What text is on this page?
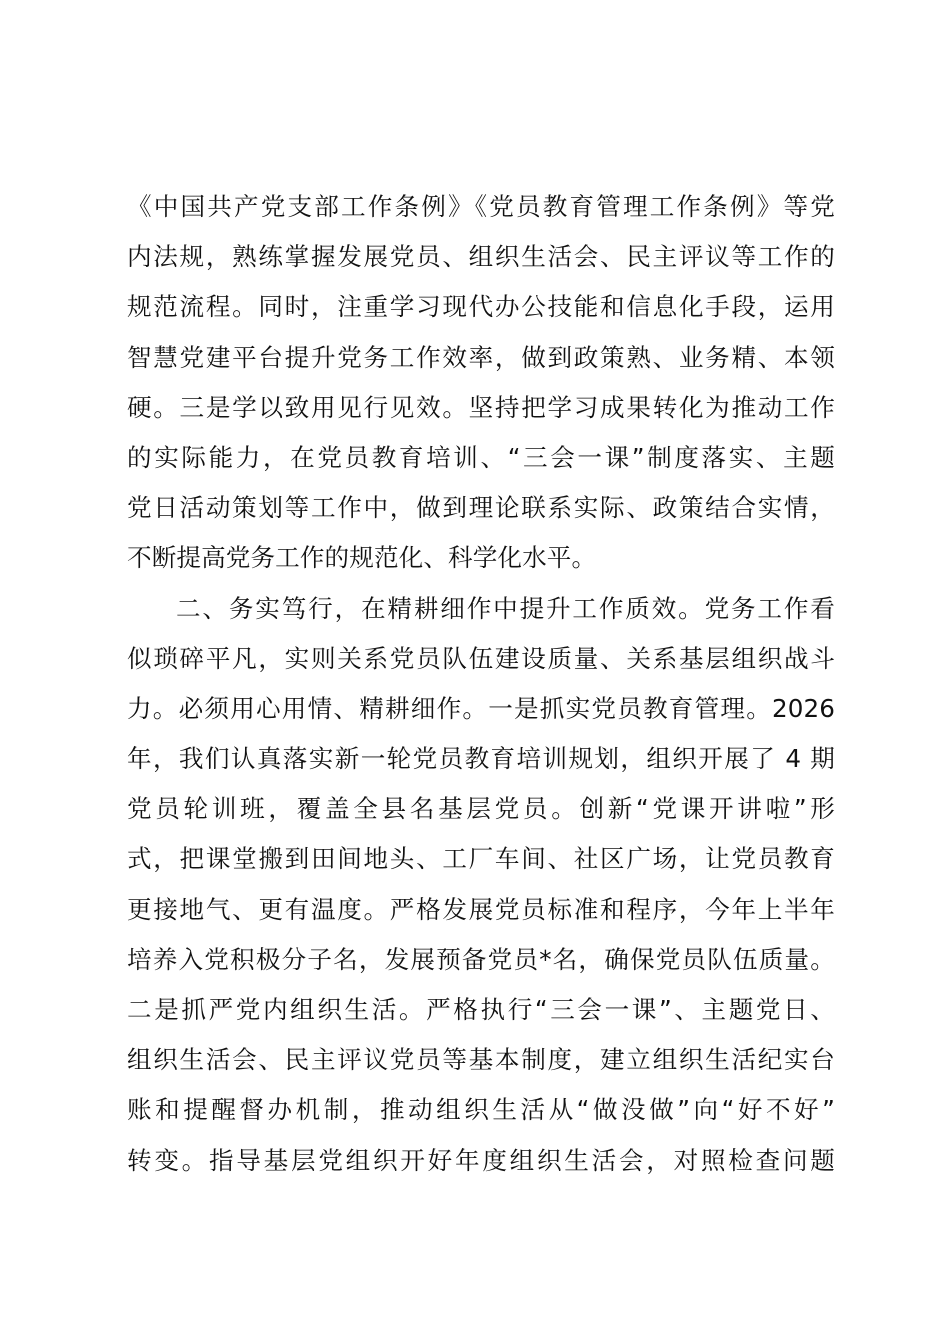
《中国共产党支部工作条例》《党员教育管理工作条例》等党
内法规，熟练掌握发展党员、组织生活会、民主评议等工作的
规范流程。同时，注重学习现代办公技能和信息化手段，运用
智慧党建平台提升党务工作效率，做到政策熟、业务精、本领
硬。三是学以致用见行见效。坚持把学习成果转化为推动工作
的实际能力，在党员教育培训、“三会一课”制度落实、主题
党日活动策划等工作中，做到理论联系实际、政策结合实情，
不断提高党务工作的规范化、科学化水平。
二、务实笃行，在精耕细作中提升工作质效。党务工作看
似琐碎平凡，实则关系党员队伍建设质量、关系基层组织战斗
力。必须用心用情、精耕细作。一是抓实党员教育管理。2026
年，我们认真落实新一轮党员教育培训规划，组织开展了 4 期
党员轮训班，覆盖全县名基层党员。创新“党课开讲啦”形
式，把课堂搬到田间地头、工厂车间、社区广场，让党员教育
更接地气、更有温度。严格发展党员标准和程序，今年上半年
培养入党积极分子名，发展预备党员*名，确保党员队伍质量。
二是抓严党内组织生活。严格执行“三会一课”、主题党日、
组织生活会、民主评议党员等基本制度，建立组织生活纪实台
账和提醒督办机制，推动组织生活从“做没做”向“好不好”
转变。指导基层党组织开好年度组织生活会，对照检查问题
